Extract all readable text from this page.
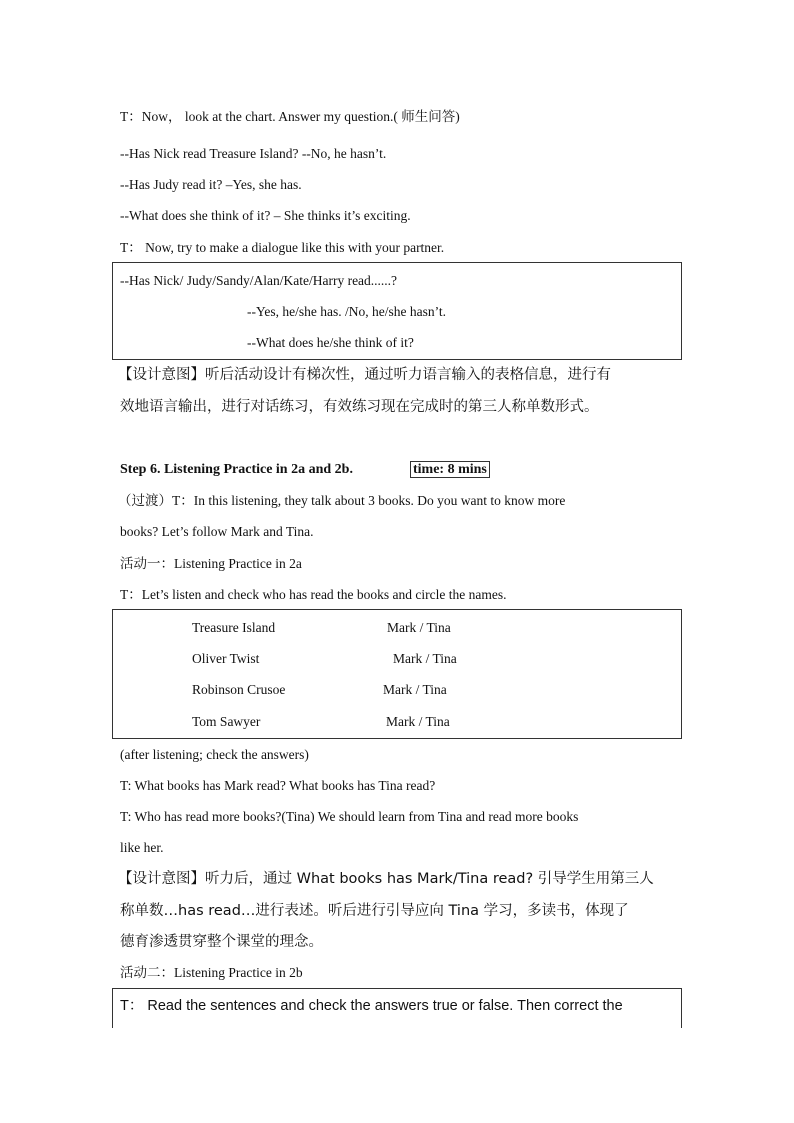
T：Now， look at the chart. Answer my question.( 师生问答)
--Has Nick read Treasure Island? --No, he hasn’t.
--Has Judy read it? –Yes, she has.
--What does she think of it? – She thinks it’s exciting.
T： Now, try to make a dialogue like this with your partner.
--Has Nick/ Judy/Sandy/Alan/Kate/Harry read......?
--Yes, he/she has. /No, he/she hasn’t.
--What does he/she think of it?
【设计意图】听后活动设计有梯次性，通过听力语言输入的表格信息，进行有
效地语言输出，进行对话练习，有效练习现在完成时的第三人称单数形式。
Step 6. Listening Practice in 2a and 2b.	time: 8 mins
（过渡）T：In this listening, they talk about 3 books. Do you want to know more
books? Let’s follow Mark and Tina.
活动一：Listening Practice in 2a
T：Let’s listen and check who has read the books and circle the names.
Treasure Island	Mark / Tina
Oliver Twist	Mark / Tina
Robinson Crusoe	Mark / Tina
Tom Sawyer	Mark / Tina
(after listening; check the answers)
T: What books has Mark read? What books has Tina read?
T: Who has read more books?(Tina) We should learn from Tina and read more books
like her.
【设计意图】听力后，通过 What books has Mark/Tina read? 引导学生用第三人
称单数…has read…进行表述。听后进行引导应向 Tina 学习，多读书，体现了
德育渗透贯穿整个课堂的理念。
活动二：Listening Practice in 2b
T： Read the sentences and check the answers true or false. Then correct the
